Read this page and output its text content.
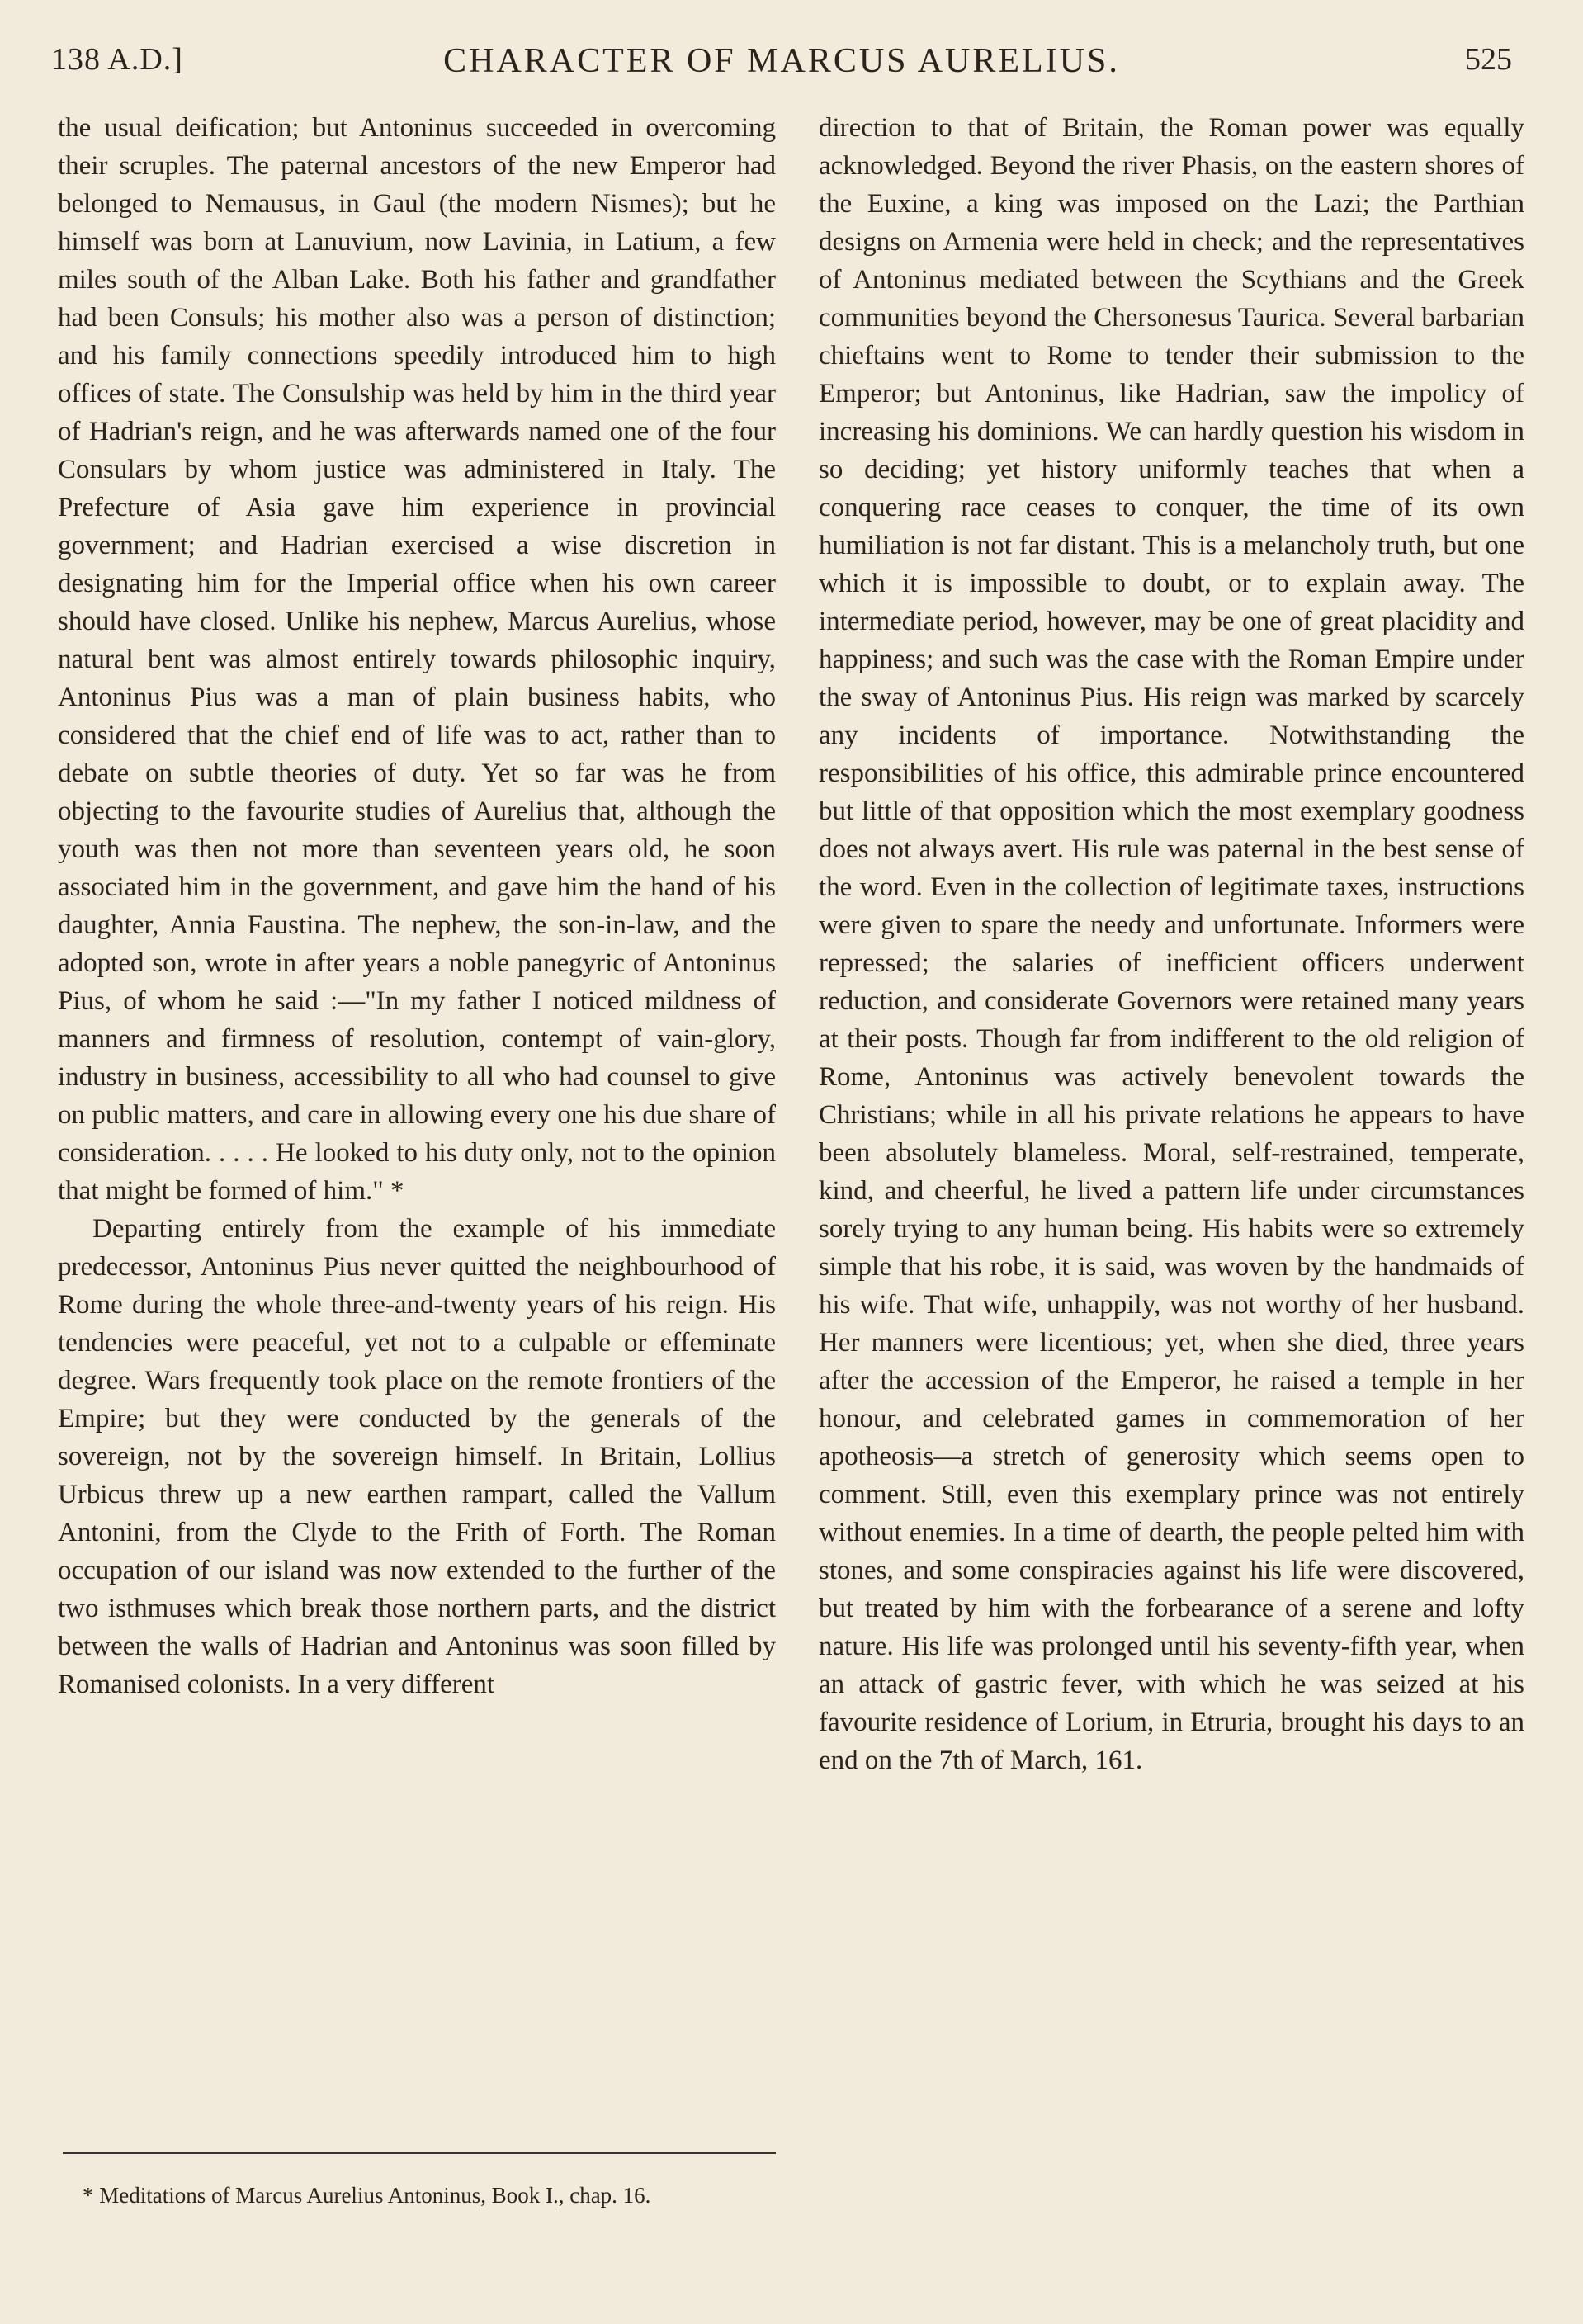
138 A.D.]	CHARACTER OF MARCUS AURELIUS.	525

the usual deification; but Antoninus succeeded in overcoming their scruples. The paternal ancestors of the new Emperor had belonged to Nemausus, in Gaul (the modern Nismes); but he himself was born at Lanuvium, now Lavinia, in Latium, a few miles south of the Alban Lake. Both his father and grandfather had been Consuls; his mother also was a person of distinction; and his family connections speedily introduced him to high offices of state. The Consulship was held by him in the third year of Hadrian's reign, and he was afterwards named one of the four Consulars by whom justice was administered in Italy. The Prefecture of Asia gave him experience in provincial government; and Hadrian exercised a wise discretion in designating him for the Imperial office when his own career should have closed. Unlike his nephew, Marcus Aurelius, whose natural bent was almost entirely towards philosophic inquiry, Antoninus Pius was a man of plain business habits, who considered that the chief end of life was to act, rather than to debate on subtle theories of duty. Yet so far was he from objecting to the favourite studies of Aurelius that, although the youth was then not more than seventeen years old, he soon associated him in the government, and gave him the hand of his daughter, Annia Faustina. The nephew, the son-in-law, and the adopted son, wrote in after years a noble panegyric of Antoninus Pius, of whom he said :—"In my father I noticed mildness of manners and firmness of resolution, contempt of vain-glory, industry in business, accessibility to all who had counsel to give on public matters, and care in allowing every one his due share of consideration. . . . . He looked to his duty only, not to the opinion that might be formed of him." *

Departing entirely from the example of his immediate predecessor, Antoninus Pius never quitted the neighbourhood of Rome during the whole three-and-twenty years of his reign. His tendencies were peaceful, yet not to a culpable or effeminate degree. Wars frequently took place on the remote frontiers of the Empire; but they were conducted by the generals of the sovereign, not by the sovereign himself. In Britain, Lollius Urbicus threw up a new earthen rampart, called the Vallum Antonini, from the Clyde to the Frith of Forth. The Roman occupation of our island was now extended to the further of the two isthmuses which break those northern parts, and the district between the walls of Hadrian and Antoninus was soon filled by Romanised colonists. In a very different

direction to that of Britain, the Roman power was equally acknowledged. Beyond the river Phasis, on the eastern shores of the Euxine, a king was imposed on the Lazi; the Parthian designs on Armenia were held in check; and the representatives of Antoninus mediated between the Scythians and the Greek communities beyond the Chersonesus Taurica. Several barbarian chieftains went to Rome to tender their submission to the Emperor; but Antoninus, like Hadrian, saw the impolicy of increasing his dominions. We can hardly question his wisdom in so deciding; yet history uniformly teaches that when a conquering race ceases to conquer, the time of its own humiliation is not far distant. This is a melancholy truth, but one which it is impossible to doubt, or to explain away. The intermediate period, however, may be one of great placidity and happiness; and such was the case with the Roman Empire under the sway of Antoninus Pius. His reign was marked by scarcely any incidents of importance. Notwithstanding the responsibilities of his office, this admirable prince encountered but little of that opposition which the most exemplary goodness does not always avert. His rule was paternal in the best sense of the word. Even in the collection of legitimate taxes, instructions were given to spare the needy and unfortunate. Informers were repressed; the salaries of inefficient officers underwent reduction, and considerate Governors were retained many years at their posts. Though far from indifferent to the old religion of Rome, Antoninus was actively benevolent towards the Christians; while in all his private relations he appears to have been absolutely blameless. Moral, self-restrained, temperate, kind, and cheerful, he lived a pattern life under circumstances sorely trying to any human being. His habits were so extremely simple that his robe, it is said, was woven by the handmaids of his wife. That wife, unhappily, was not worthy of her husband. Her manners were licentious; yet, when she died, three years after the accession of the Emperor, he raised a temple in her honour, and celebrated games in commemoration of her apotheosis—a stretch of generosity which seems open to comment. Still, even this exemplary prince was not entirely without enemies. In a time of dearth, the people pelted him with stones, and some conspiracies against his life were discovered, but treated by him with the forbearance of a serene and lofty nature. His life was prolonged until his seventy-fifth year, when an attack of gastric fever, with which he was seized at his favourite residence of Lorium, in Etruria, brought his days to an end on the 7th of March, 161.

* Meditations of Marcus Aurelius Antoninus, Book I., chap. 16.
